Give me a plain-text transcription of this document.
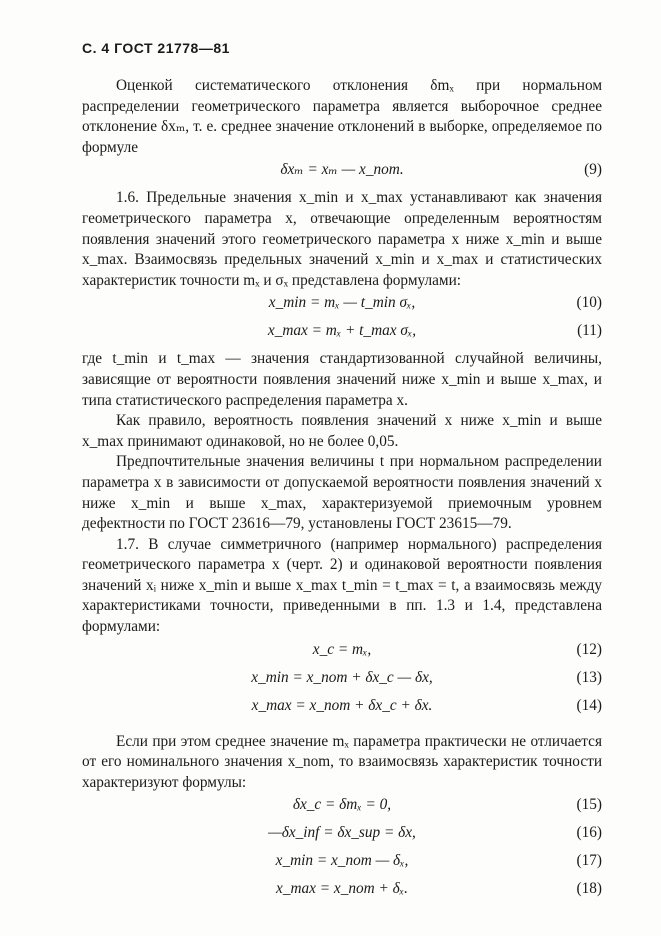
С. 4 ГОСТ 21778—81

Оценкой систематического отклонения δmₓ при нормальном распределении геометрического параметра является выборочное среднее отклонение δxₘ, т. е. среднее значение отклонений в выборке, определяемое по формуле

δxₘ = xₘ — x_nom.	(9)

1.6. Предельные значения x_min и x_max устанавливают как значения геометрического параметра x, отвечающие определенным вероятностям появления значений этого геометрического параметра x ниже x_min и выше x_max. Взаимосвязь предельных значений x_min и x_max и статистических характеристик точности mₓ и σₓ представлена формулами:

x_min = mₓ — t_min σₓ,	(10)
x_max = mₓ + t_max σₓ,	(11)

где t_min и t_max — значения стандартизованной случайной величины, зависящие от вероятности появления значений ниже x_min и выше x_max, и типа статистического распределения параметра x.

Как правило, вероятность появления значений x ниже x_min и выше x_max принимают одинаковой, но не более 0,05.

Предпочтительные значения величины t при нормальном распределении параметра x в зависимости от допускаемой вероятности появления значений x ниже x_min и выше x_max, характеризуемой приемочным уровнем дефектности по ГОСТ 23616—79, установлены ГОСТ 23615—79.

1.7. В случае симметричного (например нормального) распределения геометрического параметра x (черт. 2) и одинаковой вероятности появления значений xᵢ ниже x_min и выше x_max t_min = t_max = t, а взаимосвязь между характеристиками точности, приведенными в пп. 1.3 и 1.4, представлена формулами:

x_c = mₓ,	(12)
x_min = x_nom + δx_c — δx,	(13)
x_max = x_nom + δx_c + δx.	(14)

Если при этом среднее значение mₓ параметра практически не отличается от его номинального значения x_nom, то взаимосвязь характеристик точности характеризуют формулы:

δx_c = δmₓ = 0,	(15)
—δx_inf = δx_sup = δx,	(16)
x_min = x_nom — δₓ,	(17)
x_max = x_nom + δₓ.	(18)
